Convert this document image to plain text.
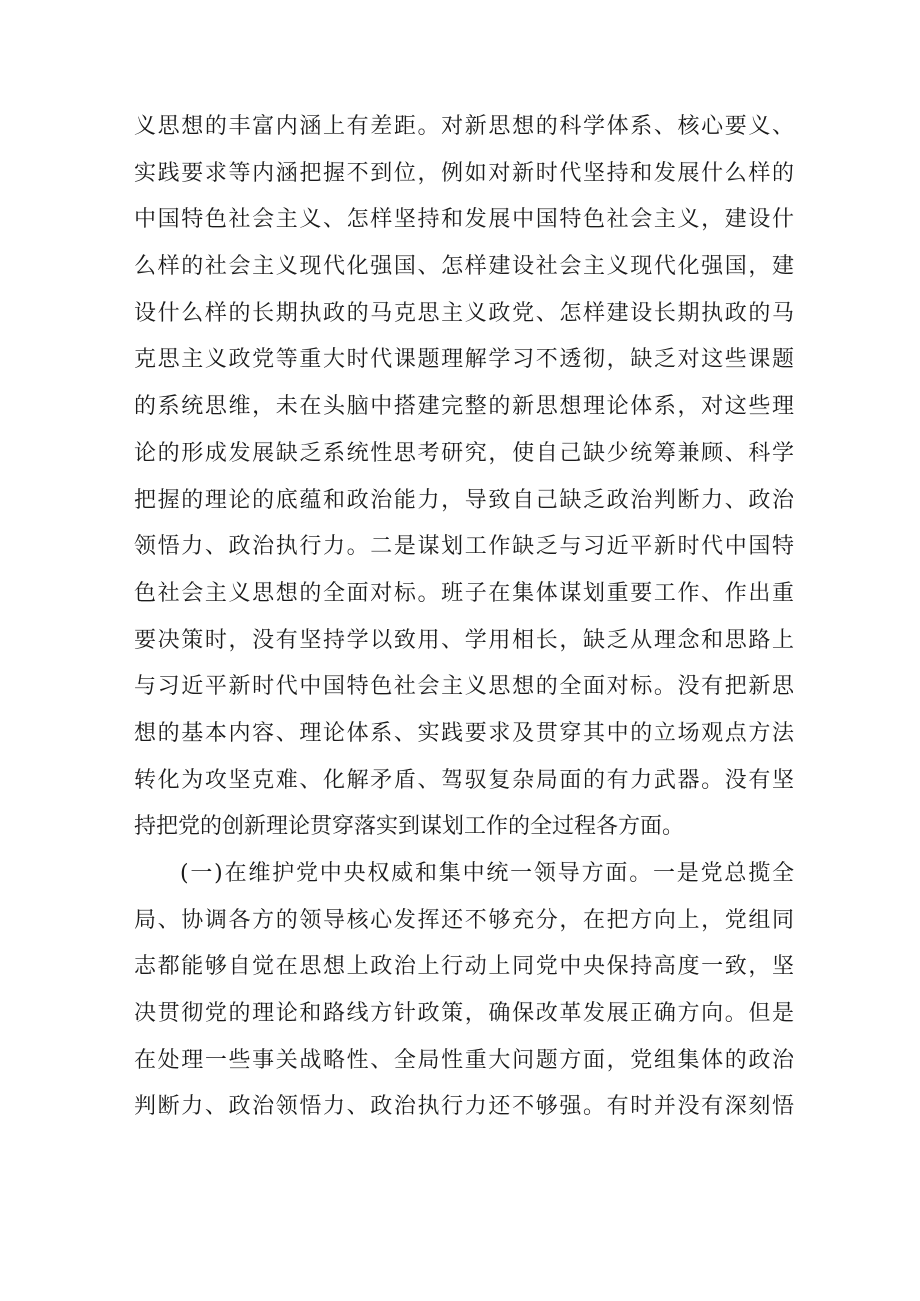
义思想的丰富内涵上有差距。对新思想的科学体系、核心要义、
实践要求等内涵把握不到位，例如对新时代坚持和发展什么样的
中国特色社会主义、怎样坚持和发展中国特色社会主义，建设什
么样的社会主义现代化强国、怎样建设社会主义现代化强国，建
设什么样的长期执政的马克思主义政党、怎样建设长期执政的马
克思主义政党等重大时代课题理解学习不透彻，缺乏对这些课题
的系统思维，未在头脑中搭建完整的新思想理论体系，对这些理
论的形成发展缺乏系统性思考研究，使自己缺少统筹兼顾、科学
把握的理论的底蕴和政治能力，导致自己缺乏政治判断力、政治
领悟力、政治执行力。二是谋划工作缺乏与习近平新时代中国特
色社会主义思想的全面对标。班子在集体谋划重要工作、作出重
要决策时，没有坚持学以致用、学用相长，缺乏从理念和思路上
与习近平新时代中国特色社会主义思想的全面对标。没有把新思
想的基本内容、理论体系、实践要求及贯穿其中的立场观点方法
转化为攻坚克难、化解矛盾、驾驭复杂局面的有力武器。没有坚
持把党的创新理论贯穿落实到谋划工作的全过程各方面。
(一)在维护党中央权威和集中统一领导方面。一是党总揽全
局、协调各方的领导核心发挥还不够充分，在把方向上，党组同
志都能够自觉在思想上政治上行动上同党中央保持高度一致，坚
决贯彻党的理论和路线方针政策，确保改革发展正确方向。但是
在处理一些事关战略性、全局性重大问题方面，党组集体的政治
判断力、政治领悟力、政治执行力还不够强。有时并没有深刻悟
